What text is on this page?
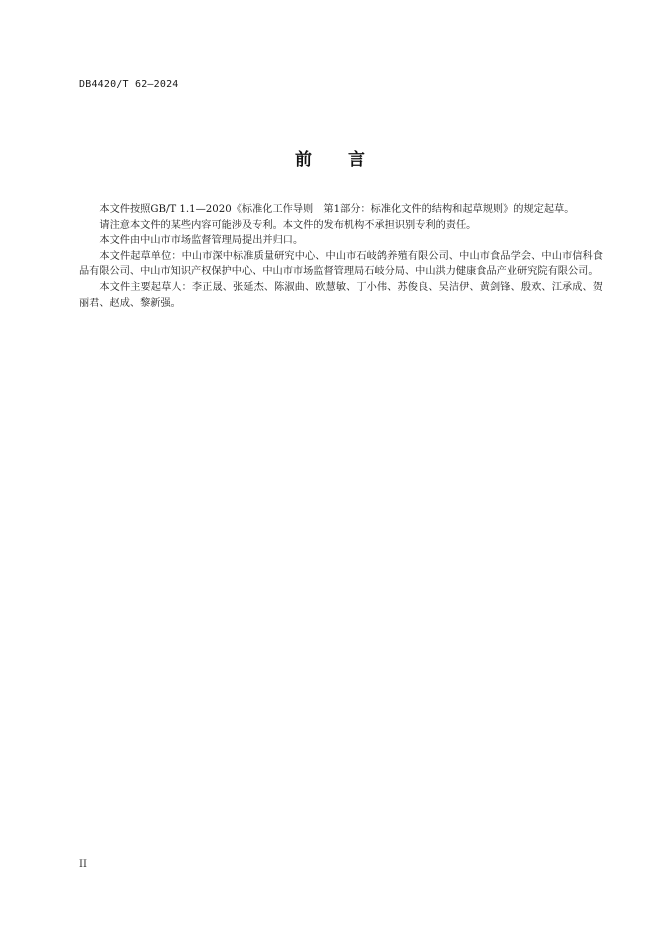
DB4420/T 62—2024
前 言

本文件按照GB/T 1.1—2020《标准化工作导则　第1部分：标准化文件的结构和起草规则》的规定起草。

请注意本文件的某些内容可能涉及专利。本文件的发布机构不承担识别专利的责任。

本文件由中山市市场监督管理局提出并归口。

本文件起草单位：中山市深中标准质量研究中心、中山市石岐鸽养殖有限公司、中山市食品学会、中山市信科食品有限公司、中山市知识产权保护中心、中山市市场监督管理局石岐分局、中山洪力健康食品产业研究院有限公司。

本文件主要起草人：李正晟、张延杰、陈淑曲、欧慧敏、丁小伟、苏俊良、吴洁伊、黄剑锋、殷欢、江承成、贺丽君、赵成、黎新强。

II
